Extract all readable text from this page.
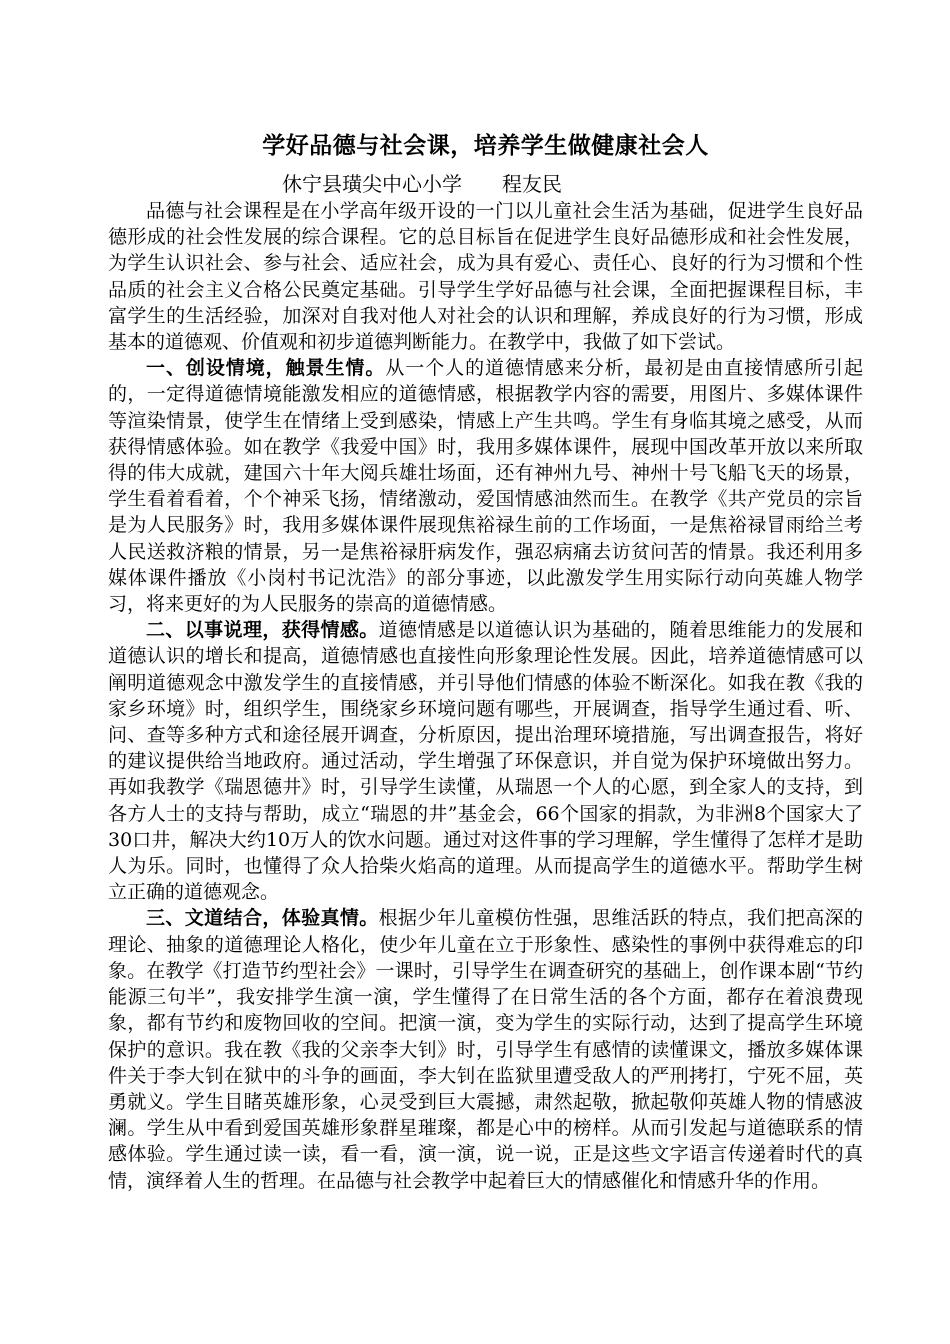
学好品德与社会课，培养学生做健康社会人

休宁县璜尖中心小学 程友民

品德与社会课程是在小学高年级开设的一门以儿童社会生活为基础，促进学生良好品德形成的社会性发展的综合课程。它的总目标旨在促进学生良好品德形成和社会性发展，为学生认识社会、参与社会、适应社会，成为具有爱心、责任心、良好的行为习惯和个性品质的社会主义合格公民奠定基础。引导学生学好品德与社会课，全面把握课程目标，丰富学生的生活经验，加深对自我对他人对社会的认识和理解，养成良好的行为习惯，形成基本的道德观、价值观和初步道德判断能力。在教学中，我做了如下尝试。

一、创设情境，触景生情。从一个人的道德情感来分析，最初是由直接情感所引起的，一定得道德情境能激发相应的道德情感，根据教学内容的需要，用图片、多媒体课件等渲染情景，使学生在情绪上受到感染，情感上产生共鸣。学生有身临其境之感受，从而获得情感体验。如在教学《我爱中国》时，我用多媒体课件，展现中国改革开放以来所取得的伟大成就，建国六十年大阅兵雄壮场面，还有神州九号、神州十号飞船飞天的场景，学生看着看着，个个神采飞扬，情绪激动，爱国情感油然而生。在教学《共产党员的宗旨是为人民服务》时，我用多媒体课件展现焦裕禄生前的工作场面，一是焦裕禄冒雨给兰考人民送救济粮的情景，另一是焦裕禄肝病发作，强忍病痛去访贫问苦的情景。我还利用多媒体课件播放《小岗村书记沈浩》的部分事迹，以此激发学生用实际行动向英雄人物学习，将来更好的为人民服务的崇高的道德情感。

二、以事说理，获得情感。道德情感是以道德认识为基础的，随着思维能力的发展和道德认识的增长和提高，道德情感也直接性向形象理论性发展。因此，培养道德情感可以阐明道德观念中激发学生的直接情感，并引导他们情感的体验不断深化。如我在教《我的家乡环境》时，组织学生，围绕家乡环境问题有哪些，开展调查，指导学生通过看、听、问、查等多种方式和途径展开调查，分析原因，提出治理环境措施，写出调查报告，将好的建议提供给当地政府。通过活动，学生增强了环保意识，并自觉为保护环境做出努力。再如我教学《瑞恩德井》时，引导学生读懂，从瑞恩一个人的心愿，到全家人的支持，到各方人士的支持与帮助，成立“瑞恩的井”基金会，66个国家的捐款，为非洲8个国家大了30口井，解决大约10万人的饮水问题。通过对这件事的学习理解，学生懂得了怎样才是助人为乐。同时，也懂得了众人拾柴火焰高的道理。从而提高学生的道德水平。帮助学生树立正确的道德观念。

三、文道结合，体验真情。根据少年儿童模仿性强，思维活跃的特点，我们把高深的理论、抽象的道德理论人格化，使少年儿童在立于形象性、感染性的事例中获得难忘的印象。在教学《打造节约型社会》一课时，引导学生在调查研究的基础上，创作课本剧“节约能源三句半”，我安排学生演一演，学生懂得了在日常生活的各个方面，都存在着浪费现象，都有节约和废物回收的空间。把演一演，变为学生的实际行动，达到了提高学生环境保护的意识。我在教《我的父亲李大钊》时，引导学生有感情的读懂课文，播放多媒体课件关于李大钊在狱中的斗争的画面，李大钊在监狱里遭受敌人的严刑拷打，宁死不屈，英勇就义。学生目睹英雄形象，心灵受到巨大震撼，肃然起敬，掀起敬仰英雄人物的情感波澜。学生从中看到爱国英雄形象群星璀璨，都是心中的榜样。从而引发起与道德联系的情感体验。学生通过读一读，看一看，演一演，说一说，正是这些文字语言传递着时代的真情，演绎着人生的哲理。在品德与社会教学中起着巨大的情感催化和情感升华的作用。
